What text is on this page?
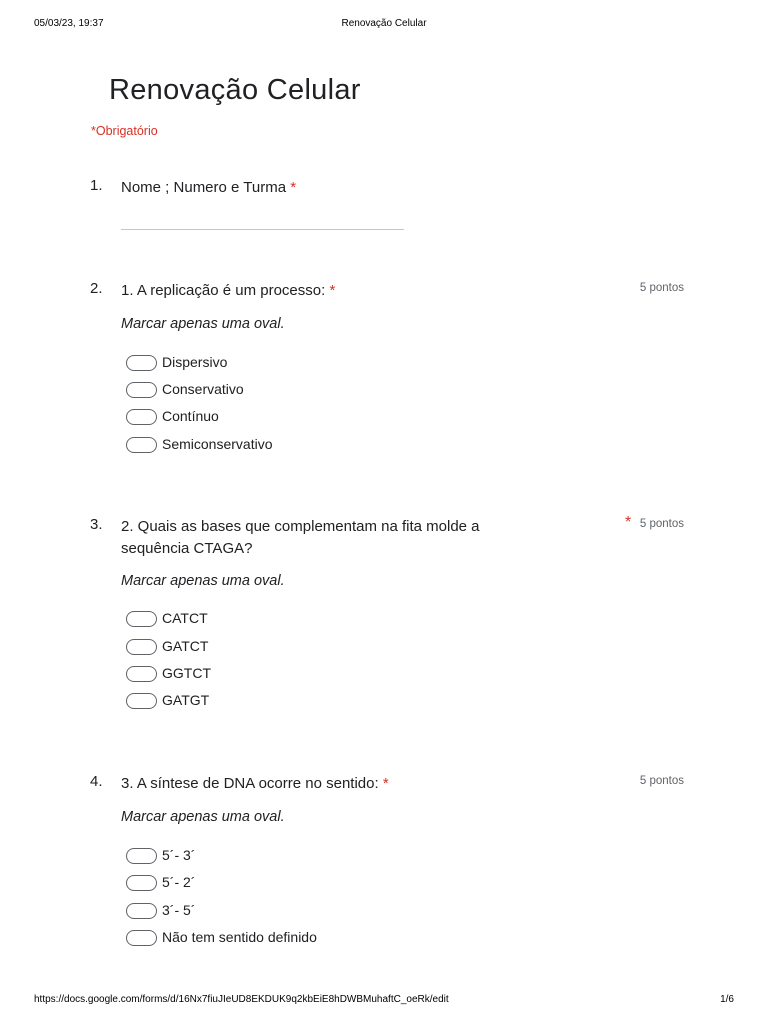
05/03/23, 19:37	Renovação Celular
Renovação Celular
*Obrigatório
1. Nome ; Numero e Turma *
2. 1. A replicação é um processo: *	5 pontos
Marcar apenas uma oval.
Dispersivo
Conservativo
Contínuo
Semiconservativo
3. 2. Quais as bases que complementam na fita molde a sequência CTAGA?
* 5 pontos
Marcar apenas uma oval.
CATCT
GATCT
GGTCT
GATGT
4. 3. A síntese de DNA ocorre no sentido: *	5 pontos
Marcar apenas uma oval.
5´- 3´
5´- 2´
3´- 5´
Não tem sentido definido
https://docs.google.com/forms/d/16Nx7fiuJIeUD8EKDUK9q2kbEiE8hDWBMuhaftC_oeRk/edit	1/6
